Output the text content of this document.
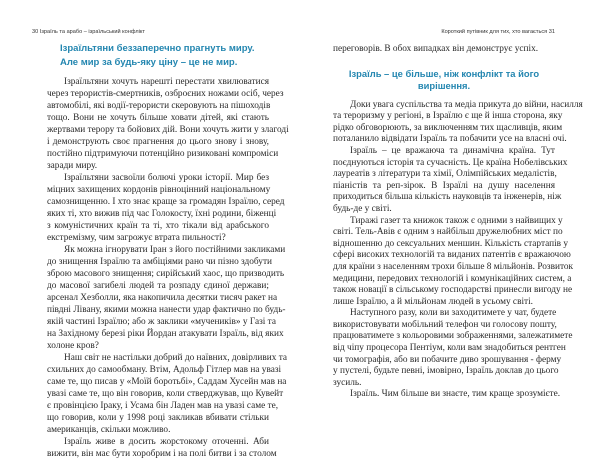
30 Ізраїль та арабо – ізраїльський конфлікт
Ізраїльтяни беззаперечно прагнуть миру. Але мир за будь-яку ціну – це не мир.
Ізраїльтяни хочуть нарешті перестати хвилюватися
через терористів-смертників, озброєних ножами осіб, через
автомобілі, які водії-терористи скеровують на пішоходів
тощо. Вони не хочуть більше ховати дітей, які стають
жертвами терору та бойових дій. Вони хочуть жити у злагоді
і демонструють своє прагнення до цього знову і знову,
постійно підтримуючи потенційно ризиковані компроміси
заради миру.
Ізраїльтяни засвоїли болючі уроки історії. Мир без
міцних захищених кордонів рівноцінний національному
самознищенню. І хто знає краще за громадян Ізраїлю, серед
яких ті, хто вижив під час Голокосту, їхні родини, біженці
з комуністичних країн та ті, хто тікали від арабського
екстремізму, чим загрожує втрата пильності?
Як можна ігнорувати Іран з його постійними закликами
до знищення Ізраїлю та амбіціями рано чи пізно здобути
зброю масового знищення; сирійський хаос, що призводить
до масової загибелі людей та розпаду єдиної держави;
арсенал Хезболли, яка накопичила десятки тисяч ракет на
півдні Лівану, якими можна нанести удар фактично по будь-
якій частині Ізраїлю; або ж заклики «мучеників» у Газі та
на Західному березі ріки Йордан атакувати Ізраїль, від яких
холоне кров?
Наш світ не настільки добрий до наївних, довірливих та
схильних до самообману. Втім, Адольф Гітлер мав на увазі
саме те, що писав у «Моїй боротьбі», Саддам Хусейн мав на
увазі саме те, що він говорив, коли стверджував, що Кувейт
є провінцією Іраку, і Усама бін Ладен мав на увазі саме те,
що говорив, коли у 1998 році закликав вбивати стільки
американців, скільки можливо.
Ізраїль живе в досить жорстокому оточенні. Аби
вижити, він має бути хоробрим і на полі битви і за столом
Короткий путівник для тих, хто вагається 31
переговорів. В обох випадках він демонструє успіх.
Ізраїль – це більше, ніж конфлікт та його вирішення.
Доки увага суспільства та медіа прикута до війни, насилля
та тероризму у регіоні, в Ізраїлю є ще й інша сторона, яку
рідко обговорюють, за виключенням тих щасливців, яким
поталанило відвідати Ізраїль та побачити усе на власні очі.
Ізраїль – це вражаюча та динамічна країна. Тут
поєднуються історія та сучасність. Це країна Нобелівських
лауреатів з літератури та хімії, Олімпійських медалістів,
піаністів та реп-зірок. В Ізраїлі на душу населення
приходиться більша кількість науковців та інженерів, ніж
будь-де у світі.
Тиражі газет та книжок також є одними з найвищих у
світі. Тель-Авів є одним з найбільш дружелюбних міст по
відношенню до сексуальних меншин. Кількість стартапів у
сфері високих технологій та виданих патентів є вражаючою
для країни з населенням трохи більше 8 мільйонів. Розвиток
медицини, передових технологій і комунікаційних систем, а
також новації в сільському господарстві принесли вигоду не
лише Ізраїлю, а й мільйонам людей в усьому світі.
Наступного разу, коли ви заходитимете у чат, будете
використовувати мобільний телефон чи голосову пошту,
працюватимете з кольоровими зображеннями, залежатимете
від чіпу процесора Пентіум, коли вам знадобиться рентген
чи томографія, або ви побачите диво зрошування - ферму
у пустелі, будьте певні, імовірно, Ізраїль доклав до цього
зусиль.
Ізраїль. Чим більше ви знаєте, тим краще зрозумієте.
